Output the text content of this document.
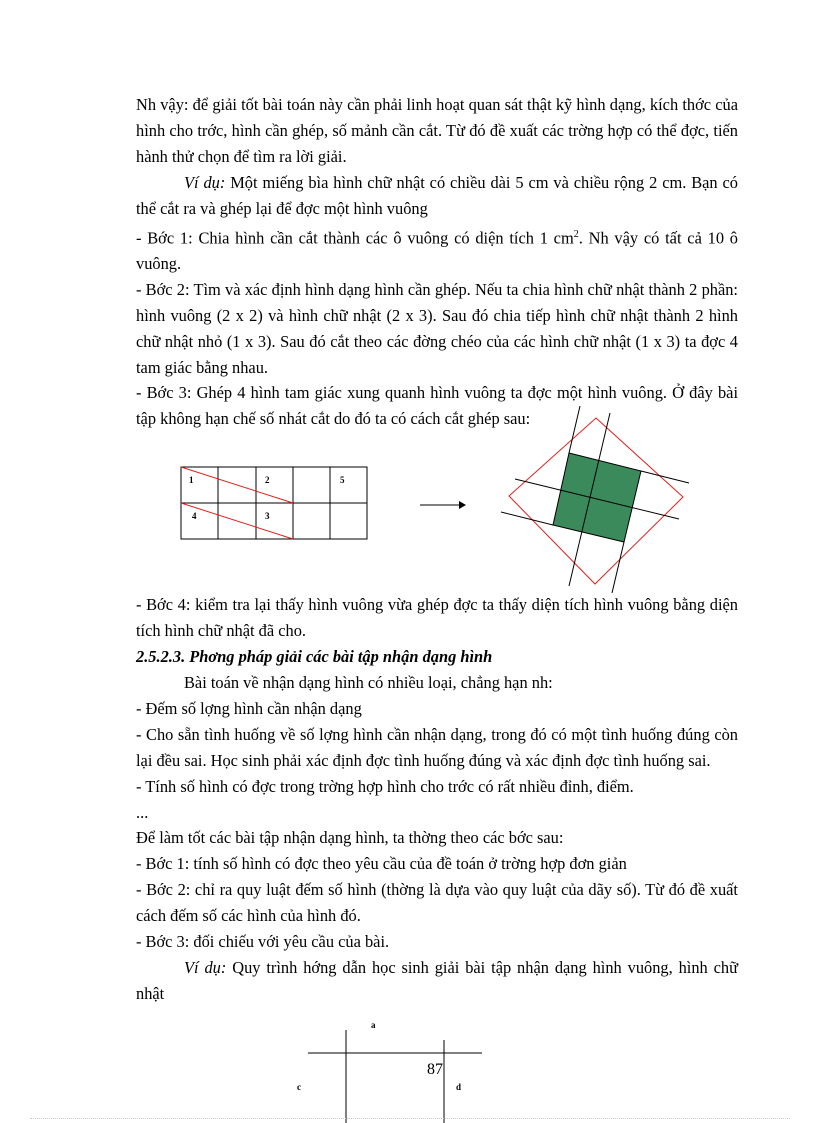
Nh vậy: để giải tốt bài toán này cần phải linh hoạt quan sát thật kỹ hình dạng, kích thớc của hình cho trớc, hình cần ghép, số mảnh cần cắt. Từ đó đề xuất các trờng hợp có thể đợc, tiến hành thử chọn để tìm ra lời giải.

Ví dụ: Một miếng bìa hình chữ nhật có chiều dài 5 cm và chiều rộng 2 cm. Bạn có thể cắt ra và ghép lại để đợc một hình vuông

- Bớc 1: Chia hình cần cắt thành các ô vuông có diện tích 1 $cm^2$. Nh vậy có tất cả 10 ô vuông.

- Bớc 2: Tìm và xác định hình dạng hình cần ghép. Nếu ta chia hình chữ nhật thành 2 phần: hình vuông (2 x 2) và hình chữ nhật (2 x 3). Sau đó chia tiếp hình chữ nhật thành 2 hình chữ nhật nhỏ (1 x 3). Sau đó cắt theo các đờng chéo của các hình chữ nhật (1 x 3) ta đợc 4 tam giác bằng nhau.

- Bớc 3: Ghép 4 hình tam giác xung quanh hình vuông ta đợc một hình vuông. Ở đây bài tập không hạn chế số nhát cắt do đó ta có cách cắt ghép sau:

- Bớc 4: kiểm tra lại thấy hình vuông vừa ghép đợc ta thấy diện tích hình vuông bằng diện tích hình chữ nhật đã cho.

2.5.2.3. Phơng pháp giải các bài tập nhận dạng hình

Bài toán về nhận dạng hình có nhiều loại, chẳng hạn nh:

- Đếm số lợng hình cần nhận dạng

- Cho sẵn tình huống về số lợng hình cần nhận dạng, trong đó có một tình huống đúng còn lại đều sai. Học sinh phải xác định đợc tình huống đúng và xác định đợc tình huống sai.

- Tính số hình có đợc trong trờng hợp hình cho trớc có rất nhiều đỉnh, điểm.

...

Để làm tốt các bài tập nhận dạng hình, ta thờng theo các bớc sau:

- Bớc 1: tính số hình có đợc theo yêu cầu của đề toán ở trờng hợp đơn giản

- Bớc 2: chỉ ra quy luật đếm số hình (thờng là dựa vào quy luật của dãy số). Từ đó đề xuất cách đếm số các hình của hình đó.

- Bớc 3: đối chiếu với yêu cầu của bài.

Ví dụ: Quy trình hớng dẫn học sinh giải bài tập nhận dạng hình vuông, hình chữ nhật

1	2	5
4	3
a
c	d
87
